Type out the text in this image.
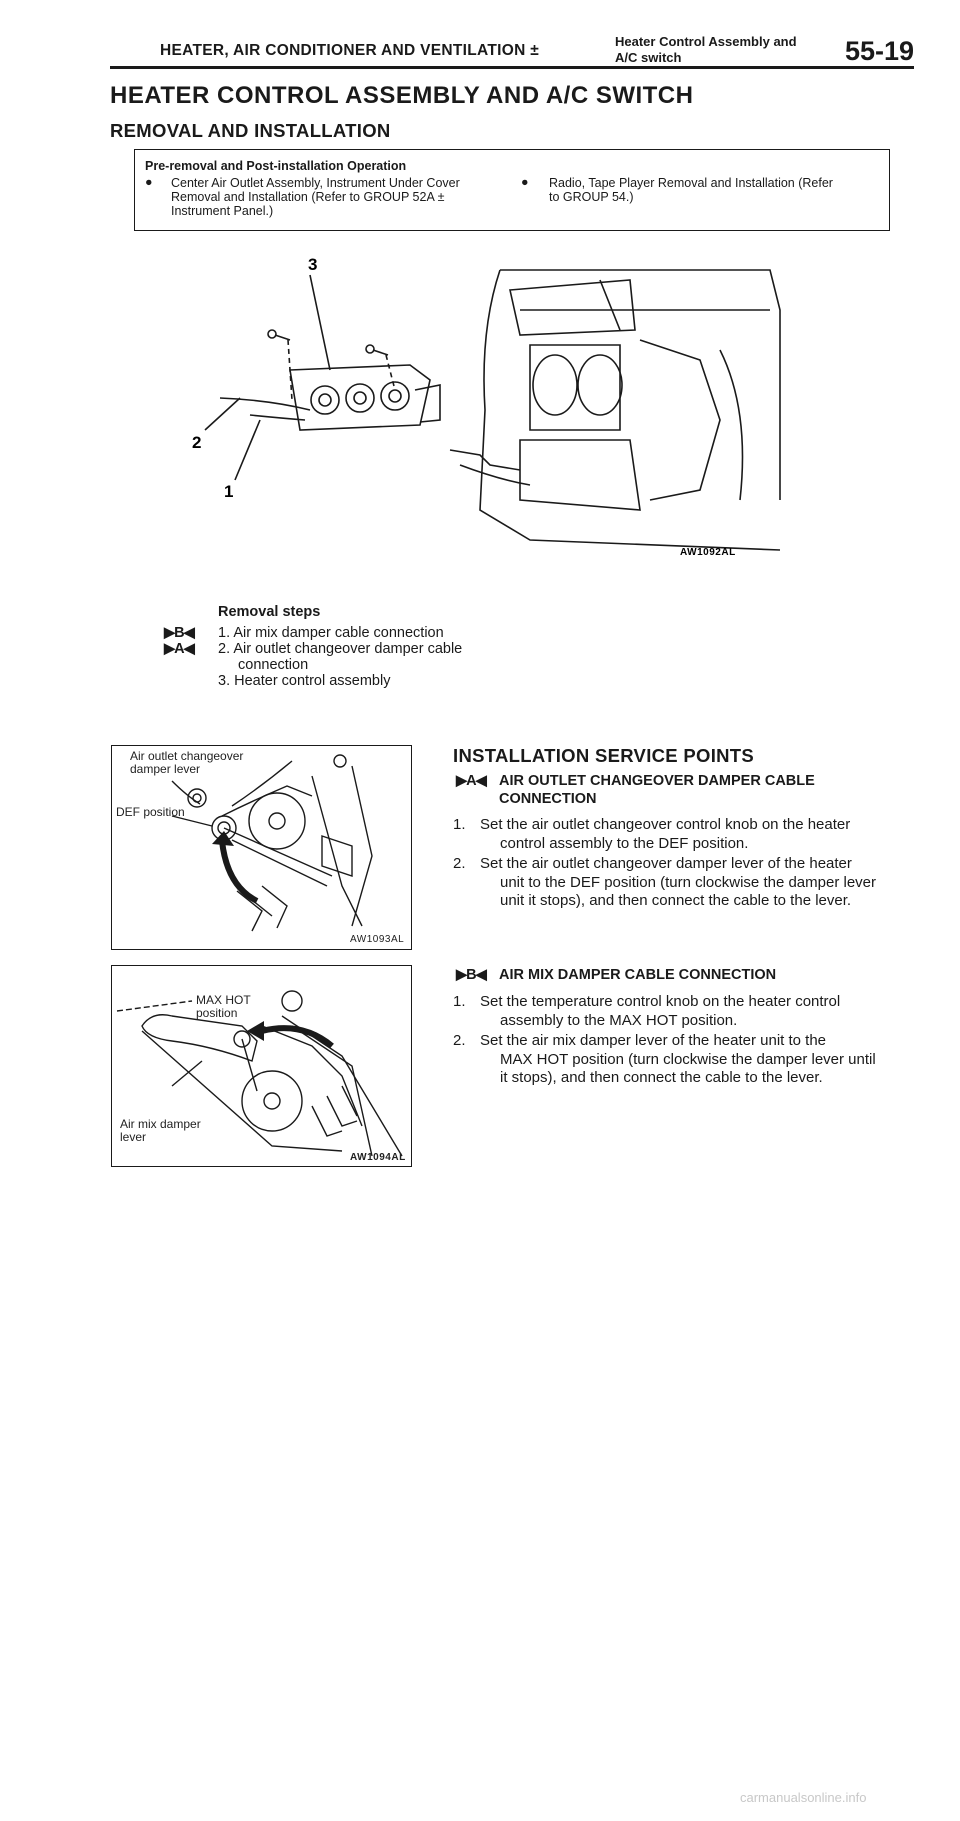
HEATER, AIR CONDITIONER AND VENTILATION ±
Heater Control Assembly and
A/C switch	55-19
HEATER CONTROL ASSEMBLY AND A/C SWITCH
REMOVAL AND INSTALLATION
Pre-removal and Post-installation Operation
● Center Air Outlet Assembly, Instrument Under Cover
Removal and Installation (Refer to GROUP 52A ±
Instrument Panel.)
● Radio, Tape Player Removal and Installation (Refer
to GROUP 54.)
3
2
1
AW1092AL
Removal steps
▶B◀ 1. Air mix damper cable connection
▶A◀ 2. Air outlet changeover damper cable
connection
3. Heater control assembly
Air outlet changeover
damper lever
DEF position
AW1093AL
MAX HOT
position
Air mix damper
lever
AW1094AL
INSTALLATION SERVICE POINTS
▶A◀ AIR OUTLET CHANGEOVER DAMPER CABLE
CONNECTION
1. Set the air outlet changeover control knob on the heater
control assembly to the DEF position.
2. Set the air outlet changeover damper lever of the heater
unit to the DEF position (turn clockwise the damper lever
unit it stops), and then connect the cable to the lever.
▶B◀ AIR MIX DAMPER CABLE CONNECTION
1. Set the temperature control knob on the heater control
assembly to the MAX HOT position.
2. Set the air mix damper lever of the heater unit to the
MAX HOT position (turn clockwise the damper lever until
it stops), and then connect the cable to the lever.
carmanualsonline.info
